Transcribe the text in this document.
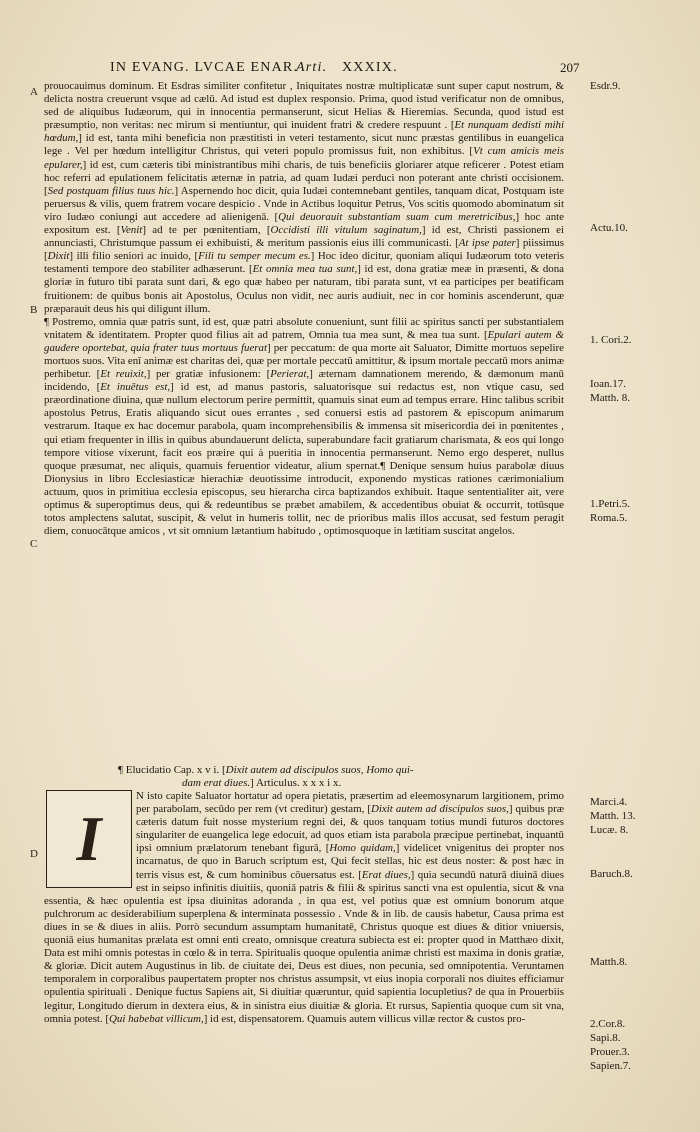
IN EVANG. LVCAE ENAR.
Arti. XXXIX.	207
A
B
C
D
Esdr.9.
Actu.10.
1. Cori.2.
Ioan.17.
Matth. 8.
1.Petri.5.
Roma.5.
Marci.4.
Matth. 13.
Lucæ. 8.
Baruch.8.
Matth.8.
2.Cor.8.
Sapi.8.
Prouer.3.
Sapien.7.

prouocauimus dominum. Et Esdras similiter confitetur , Iniquitates nostræ multiplicatæ sunt super caput nostrum, & delicta nostra creuerunt vsque ad cælū. Ad istud est duplex responsio. Prima, quod istud verificatur non de omnibus, sed de aliquibus Iudæorum, qui in innocentia permanserunt, sicut Helias & Hieremias. Secunda, quod istud est præsumptio, non veritas: nec mirum si mentiuntur, qui inuident fratri & credere respuunt . [Et nunquam dedisti mihi hœdum,] id est, tanta mihi beneficia non præstitisti in veteri testamento, sicut nunc præstas gentilibus in euangelica lege . Vel per hœdum intelligitur Christus, qui veteri populo promissus fuit, non exhibitus. [Vt cum amicis meis epularer,] id est, cum cæteris tibi ministrantibus mihi charis, de tuis beneficiis gloriarer atque reficerer . Potest etiam hoc referri ad epulationem felicitatis æternæ in patria, ad quam Iudæi perduci non poterant ante christi occisionem. [Sed postquam filius tuus hic.] Aspernendo hoc dicit, quia Iudæi contemnebant gentiles, tanquam dicat, Postquam iste peruersus & vilis, quem fratrem vocare despicio . Vnde in Actibus loquitur Petrus, Vos scitis quomodo abominatum sit viro Iudæo coniungi aut accedere ad alienigenā. [Qui deuorauit substantiam suam cum meretricibus,] hoc ante expositum est. [Venit] ad te per pœnitentiam, [Occidisti illi vitulum saginatum,] id est, Christi passionem ei annunciasti, Christumque passum ei exhibuisti, & meritum passionis eius illi communicasti. [At ipse pater] piissimus [Dixit] illi filio seniori ac inuido, [Fili tu semper mecum es.] Hoc ideo dicitur, quoniam aliqui Iudæorum toto veteris testamenti tempore deo stabiliter adhæserunt. [Et omnia mea tua sunt,] id est, dona gratiæ meæ in præsenti, & dona gloriæ in futuro tibi parata sunt dari, & ego quæ habeo per naturam, tibi parata sunt, vt ea participes per beatificam fruitionem: de quibus bonis ait Apostolus, Oculus non vidit, nec auris audiuit, nec in cor hominis ascenderunt, quæ præparauit deus his qui diligunt illum.

¶ Postremo, omnia quæ patris sunt, id est, quæ patri absolute conueniunt, sunt filii ac spiritus sancti per substantialem vnitatem & identitatem. Propter quod filius ait ad patrem, Omnia tua mea sunt, & mea tua sunt. [Epulari autem & gaudere oportebat, quia frater tuus mortuus fuerat] per peccatum: de qua morte ait Saluator, Dimitte mortuos sepelire mortuos suos. Vita enī animæ est charitas dei, quæ per mortale peccatū amittitur, & ipsum mortale peccatū mors animæ perhibetur. [Et reuixit,] per gratiæ infusionem: [Perierat,] æternam damnationem merendo, & dæmonum manū incidendo, [Et inuētus est,] id est, ad manus pastoris, saluatorisque sui redactus est, non vtique casu, sed præordinatione diuina, quæ nullum electorum perire permittit, quamuis sinat eum ad tempus errare. Hinc talibus scribit apostolus Petrus, Eratis aliquando sicut oues errantes , sed conuersi estis ad pastorem & episcopum animarum vestrarum. Itaque ex hac docemur parabola, quam incomprehensibilis & immensa sit misericordia dei in pœnitentes , qui etiam frequenter in illis in quibus abundauerunt delicta, superabundare facit gratiarum charismata, & eos qui longo tempore vitiose vixerunt, facit eos præire qui à pueritia in innocentia permanserunt. Nemo ergo desperet, nullus quoque præsumat, nec aliquis, quamuis feruentior videatur, alium spernat.¶ Denique sensum huius parabolæ diuus Dionysius in libro Ecclesiasticæ hierachiæ deuotissime introducit, exponendo mysticas rationes cærimonialium actuum, quos in primitiua ecclesia episcopus, seu hierarcha circa baptizandos exhibuit. Itaque sententialiter ait, vere optimus & superoptimus deus, qui & redeuntibus se præbet amabilem, & accedentibus obuiat & occurrit, totūsque totos amplectens salutat, suscipit, & velut in humeris tollit, nec de prioribus malis illos accusat, sed festum peragit diem, conuocātque amicos , vt sit omnium lætantium habitudo , optimosquoque in lætitiam suscitat angelos.

¶ Elucidatio Cap. x v i. [Dixit autem ad discipulos suos, Homo qui-
dam erat diues.] Articulus. x x x i x.
I

N isto capite Saluator hortatur ad opera pietatis, præsertim ad eleemosynarum largitionem, primo per parabolam, secūdo per rem (vt creditur) gestam, [Dixit autem ad discipulos suos,] quibus præ cæteris datum fuit nosse mysterium regni dei, & quos tanquam totius mundi futuros doctores singulariter de euangelica lege edocuit, ad quos etiam ista parabola præcipue pertinebat, inquantū ipsi omnium prælatorum tenebant figurā, [Homo quidam,] videlicet vnigenitus dei propter nos incarnatus, de quo in Baruch scriptum est, Qui fecit stellas, hic est deus noster: & post hæc in terris visus est, & cum hominibus cōuersatus est. [Erat diues,] quia secundū naturā diuinā diues est in seipso infinitis diuitiis, quoniā patris & filii & spiritus sancti vna est opulentia, sicut & vna essentia, & hæc opulentia est ipsa diuinitas adoranda , in qua est, vel potius quæ est omnium bonorum atque pulchrorum ac desiderabilium superplena & interminata possessio . Vnde & in lib. de causis habetur, Causa prima est diues in se & diues in aliis. Porrò secundum assumptam humanitatē, Christus quoque est diues & ditior vniuersis, quoniā eius humanitas prælata est omni enti creato, omnisque creatura subiecta est ei: propter quod in Matthæo dixit, Data est mihi omnis potestas in cœlo & in terra. Spiritualis quoque opulentia animæ christi est maxima in donis gratiæ, & gloriæ. Dicit autem Augustinus in lib. de ciuitate dei, Deus est diues, non pecunia, sed omnipotentia. Veruntamen temporalem in corporalibus paupertatem propter nos christus assumpsit, vt eius inopia corporali nos diuites efficiamur opulentia spirituali . Denique fuctus Sapiens ait, Si diuitiæ quæruntur, quid sapientia locupletius? de qua in Prouerbiis legitur, Longitudo dierum in dextera eius, & in sinistra eius diuitiæ & gloria. Et rursus, Sapientia quoque cum sit vna, omnia potest. [Qui habebat villicum,] id est, dispensatorem. Quamuis autem villicus villæ rector & custos pro-
